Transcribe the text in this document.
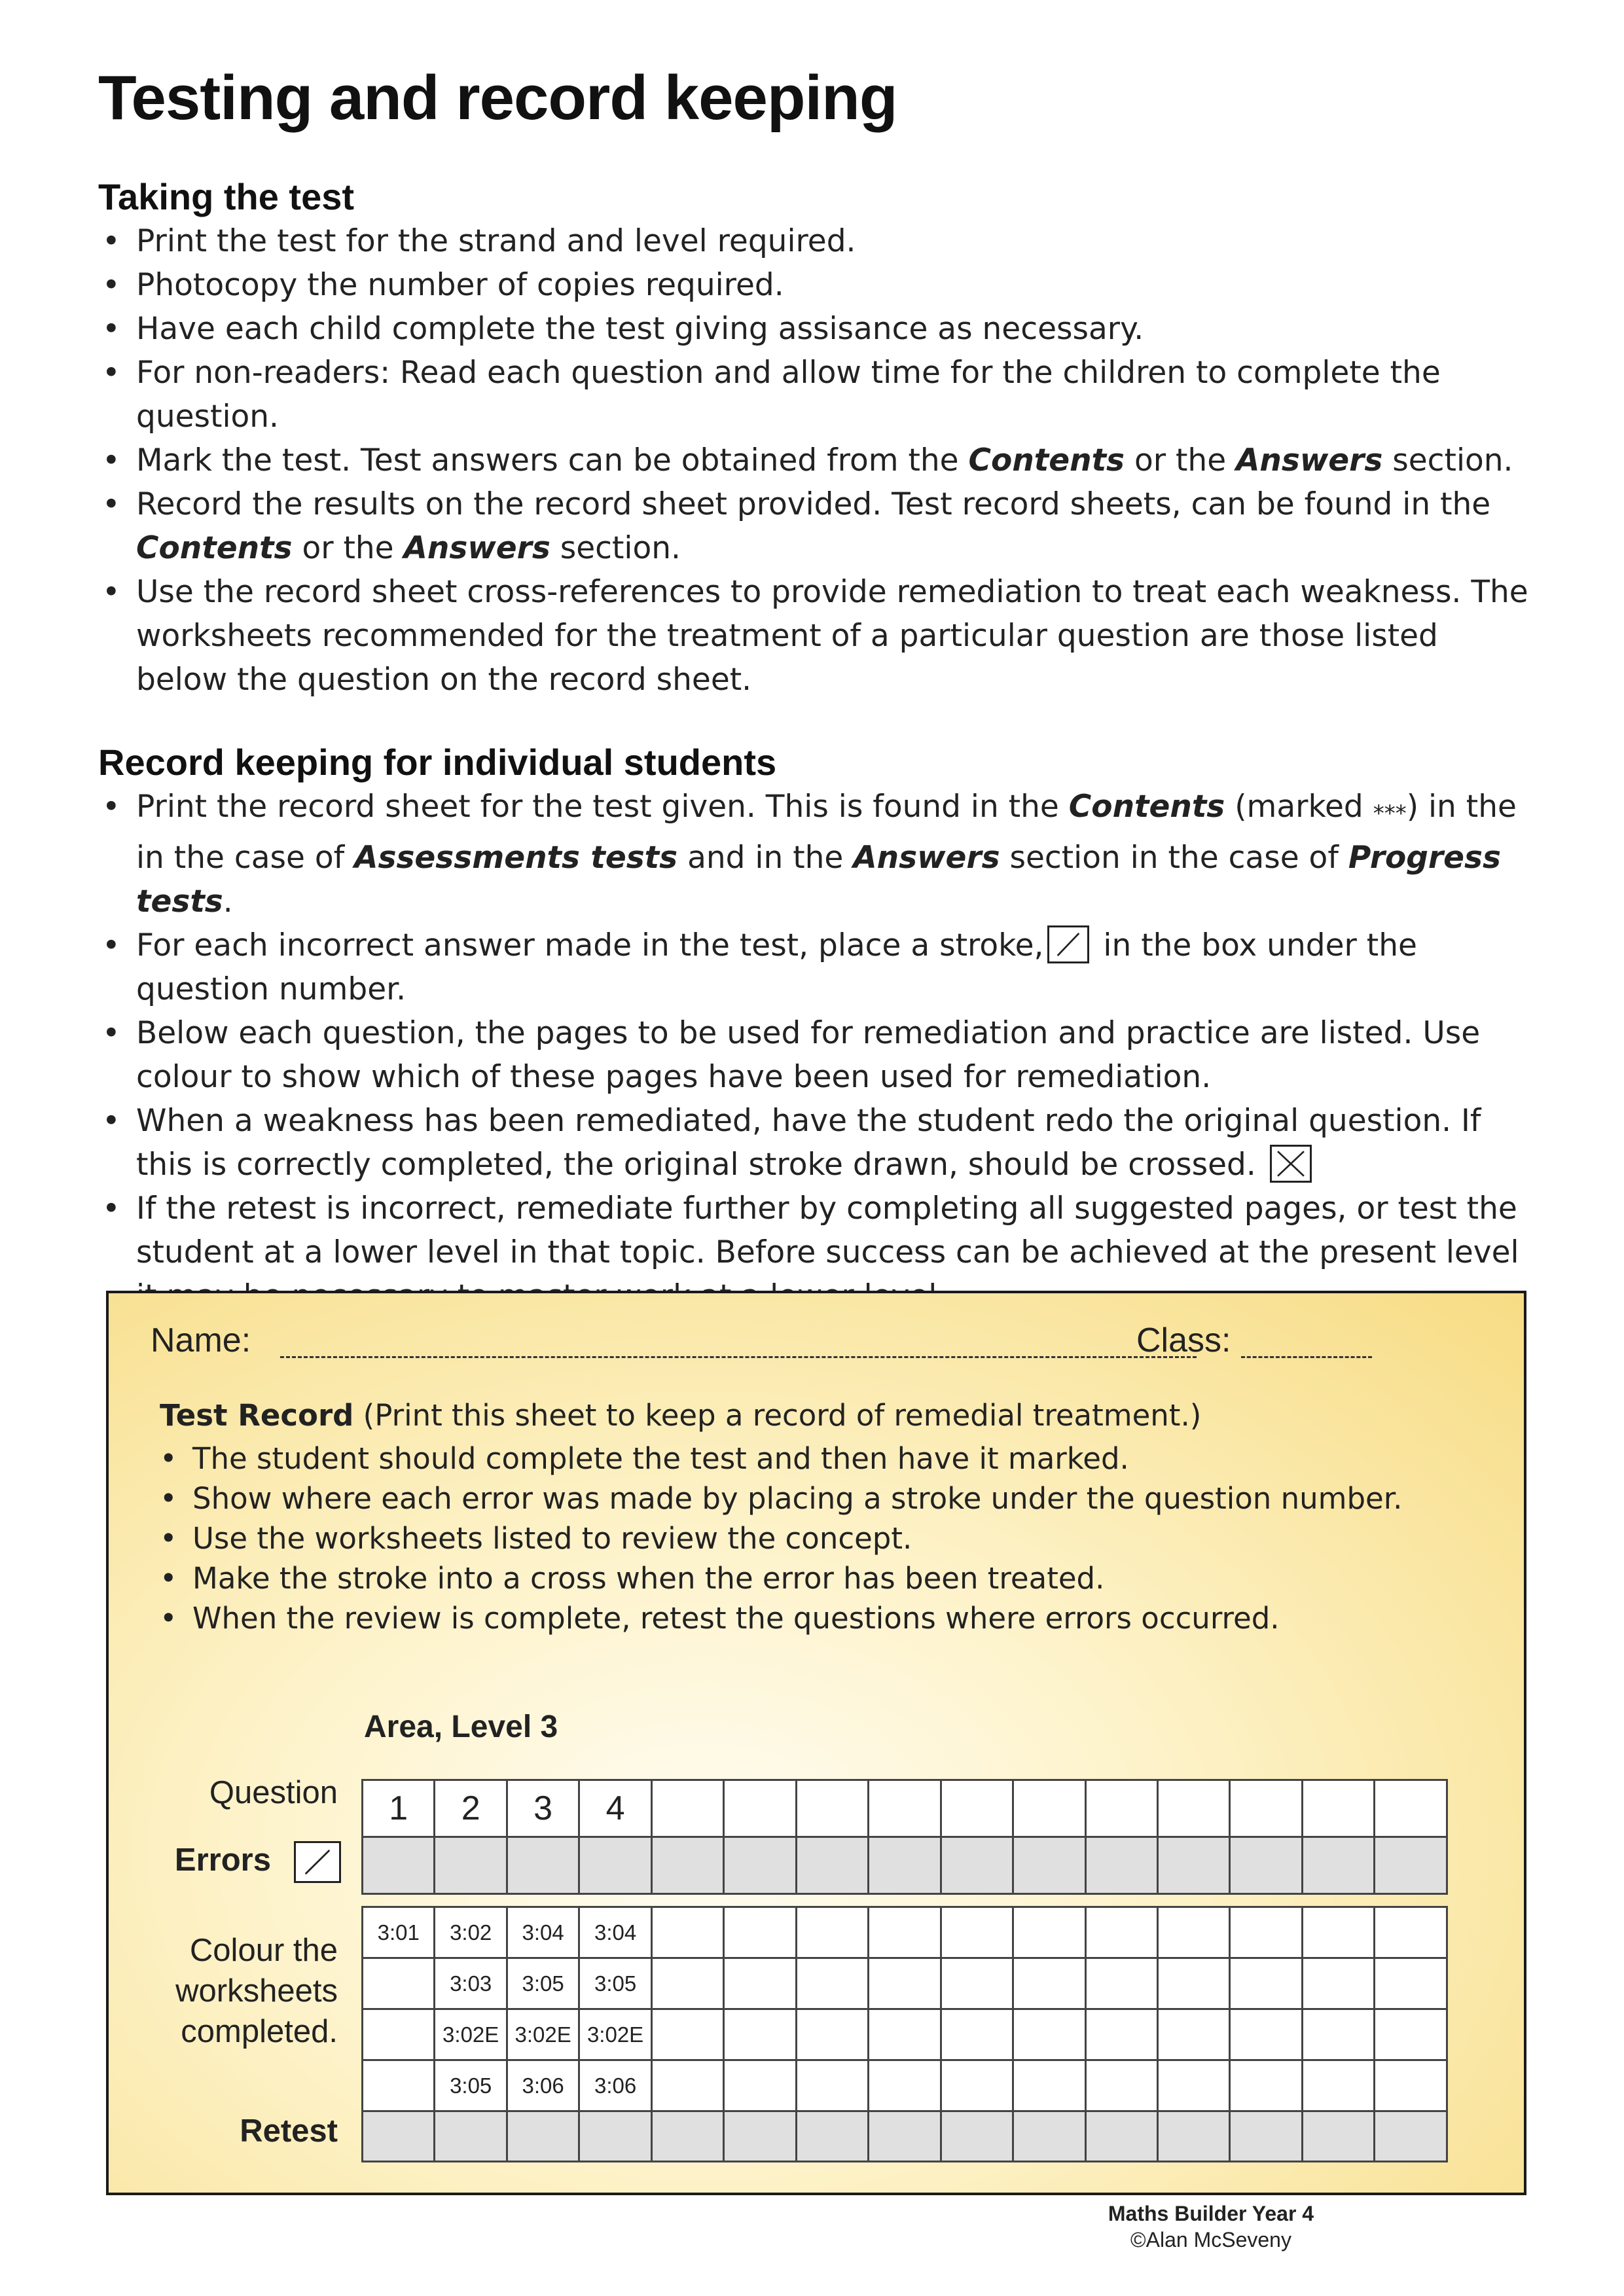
Testing and record keeping
Taking the test
• Print the test for the strand and level required.
• Photocopy the number of copies required.
• Have each child complete the test giving assisance as necessary.
• For non-readers: Read each question and allow time for the children to complete the question.
• Mark the test. Test answers can be obtained from the Contents or the Answers section.
• Record the results on the record sheet provided. Test record sheets, can be found in the Contents or the Answers section.
• Use the record sheet cross-references to provide remediation to treat each weakness. The worksheets recommended for the treatment of a particular question are those listed below the question on the record sheet.
Record keeping for individual students
• Print the record sheet for the test given. This is found in the Contents (marked ***) in the in the case of Assessments tests and in the Answers section in the case of Progress tests.
• For each incorrect answer made in the test, place a stroke,
in the box under the question number.
• Below each question, the pages to be used for remediation and practice are listed. Use colour to show which of these pages have been used for remediation.
• When a weakness has been remediated, have the student redo the original question. If this is correctly completed, the original stroke drawn, should be crossed.
• If the retest is incorrect, remediate further by completing all suggested pages, or test the student at a lower level in that topic. Before success can be achieved at the present level
Name:	Class:
Test Record (Print this sheet to keep a record of remedial treatment.)
• The student should complete the test and then have it marked.
• Show where each error was made by placing a stroke under the question number.
• Use the worksheets listed to review the concept.
• Make the stroke into a cross when the error has been treated.
• When the review is complete, retest the questions where errors occurred.
Area, Level 3
Question
Errors
Colour the
worksheets
completed.
Retest
1	2	3	4											

3:01	3:02	3:04	3:04											
	3:03	3:05	3:05											
	3:02E	3:02E	3:02E											
	3:05	3:06	3:06											

Maths Builder Year 4
©Alan McSeveny
